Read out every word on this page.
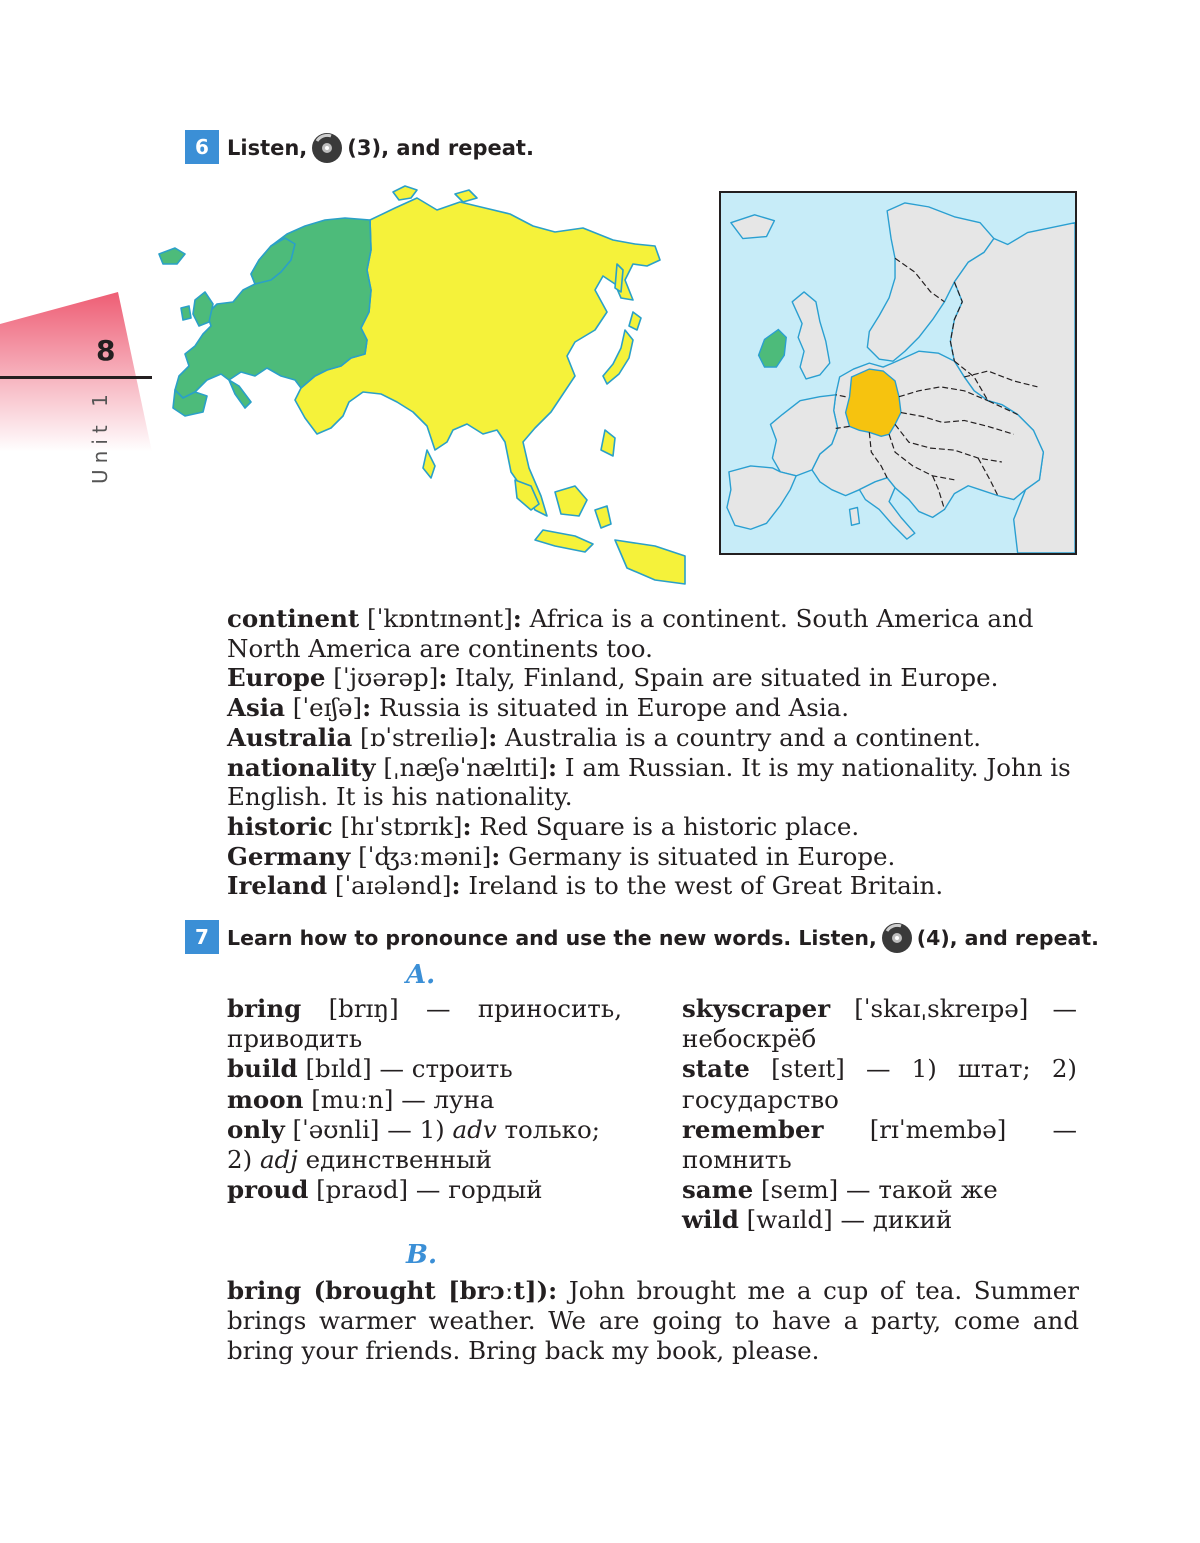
8
Unit 1
6 Listen, (3), and repeat.

continent [ˈkɒntɪnənt]: Africa is a continent. South America and North America are continents too.

Europe [ˈjʊərəp]: Italy, Finland, Spain are situated in Europe.

Asia [ˈeɪʃə]: Russia is situated in Europe and Asia.

Australia [ɒˈstreɪliə]: Australia is a country and a continent.

nationality [ˌnæʃəˈnælɪti]: I am Russian. It is my nationality. John is English. It is his nationality.

historic [hɪˈstɒrɪk]: Red Square is a historic place.

Germany [ˈʤɜːməni]: Germany is situated in Europe.

Ireland [ˈaɪələnd]: Ireland is to the west of Great Britain.

7 Learn how to pronounce and use the new words. Listen, (4), and repeat.
A.

bring [brɪŋ] — приносить, приводить

build [bɪld] — строить

moon [muːn] — луна

only [ˈəʊnli] — 1) adv только; 2) adj единственный

proud [praʊd] — гордый

skyscraper [ˈskaɪˌskreɪpə] — небоскрёб

state [steɪt] — 1) штат; 2) государство

remember [rɪˈmembə] — помнить

same [seɪm] — такой же

wild [waɪld] — дикий

B.

bring (brought [brɔːt]): John brought me a cup of tea. Summer brings warmer weather. We are going to have a party, come and bring your friends. Bring back my book, please.
